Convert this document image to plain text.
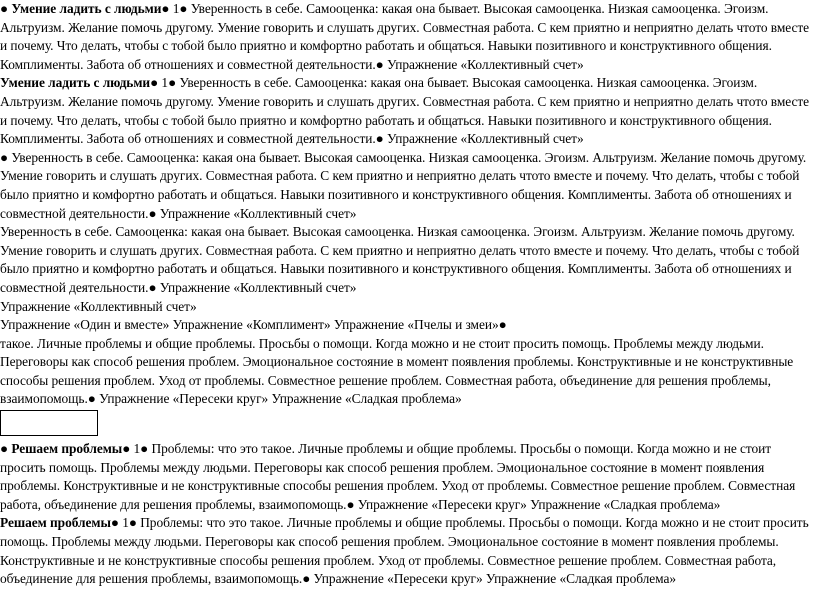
● Умение ладить с людьми● 1● Уверенность в себе. Самооценка: какая она бывает. Высокая самооценка. Низкая самооценка. Эгоизм. Альтруизм. Желание помочь другому. Умение говорить и слушать других. Совместная работа. С кем приятно и неприятно делать чтото вместе и почему. Что делать, чтобы с тобой было приятно и комфортно работать и общаться. Навыки позитивного и конструктивного общения. Комплименты. Забота об отношениях и совместной деятельности.● Упражнение «Коллективный счет»

Умение ладить с людьми● 1● Уверенность в себе. Самооценка: какая она бывает. Высокая самооценка. Низкая самооценка. Эгоизм. Альтруизм. Желание помочь другому. Умение говорить и слушать других. Совместная работа. С кем приятно и неприятно делать чтото вместе и почему. Что делать, чтобы с тобой было приятно и комфортно работать и общаться. Навыки позитивного и конструктивного общения. Комплименты. Забота об отношениях и совместной деятельности.● Упражнение «Коллективный счет»

● Уверенность в себе. Самооценка: какая она бывает. Высокая самооценка. Низкая самооценка. Эгоизм. Альтруизм. Желание помочь другому. Умение говорить и слушать других. Совместная работа. С кем приятно и неприятно делать чтото вместе и почему. Что делать, чтобы с тобой было приятно и комфортно работать и общаться. Навыки позитивного и конструктивного общения. Комплименты. Забота об отношениях и совместной деятельности.● Упражнение «Коллективный счет»

Уверенность в себе. Самооценка: какая она бывает. Высокая самооценка. Низкая самооценка. Эгоизм. Альтруизм. Желание помочь другому. Умение говорить и слушать других. Совместная работа. С кем приятно и неприятно делать чтото вместе и почему. Что делать, чтобы с тобой было приятно и комфортно работать и общаться. Навыки позитивного и конструктивного общения. Комплименты. Забота об отношениях и совместной деятельности.● Упражнение «Коллективный счет»

Упражнение «Коллективный счет»

Упражнение «Один и вместе» Упражнение «Комплимент» Упражнение «Пчелы и змеи»●

такое. Личные проблемы и общие проблемы. Просьбы о помощи. Когда можно и не стоит просить помощь. Проблемы между людьми. Переговоры как способ решения проблем. Эмоциональное состояние в момент появления проблемы. Конструктивные и не конструктивные способы решения проблем. Уход от проблемы. Совместное решение проблем. Совместная работа, объединение для решения проблемы, взаимопомощь.● Упражнение «Пересеки круг» Упражнение «Сладкая проблема»

● Решаем проблемы● 1● Проблемы: что это такое. Личные проблемы и общие проблемы. Просьбы о помощи. Когда можно и не стоит просить помощь. Проблемы между людьми. Переговоры как способ решения проблем. Эмоциональное состояние в момент появления проблемы. Конструктивные и не конструктивные способы решения проблем. Уход от проблемы. Совместное решение проблем. Совместная работа, объединение для решения проблемы, взаимопомощь.● Упражнение «Пересеки круг» Упражнение «Сладкая проблема»

Решаем проблемы● 1● Проблемы: что это такое. Личные проблемы и общие проблемы. Просьбы о помощи. Когда можно и не стоит просить помощь. Проблемы между людьми. Переговоры как способ решения проблем. Эмоциональное состояние в момент появления проблемы. Конструктивные и не конструктивные способы решения проблем. Уход от проблемы. Совместное решение проблем. Совместная работа, объединение для решения проблемы, взаимопомощь.● Упражнение «Пересеки круг» Упражнение «Сладкая проблема»
